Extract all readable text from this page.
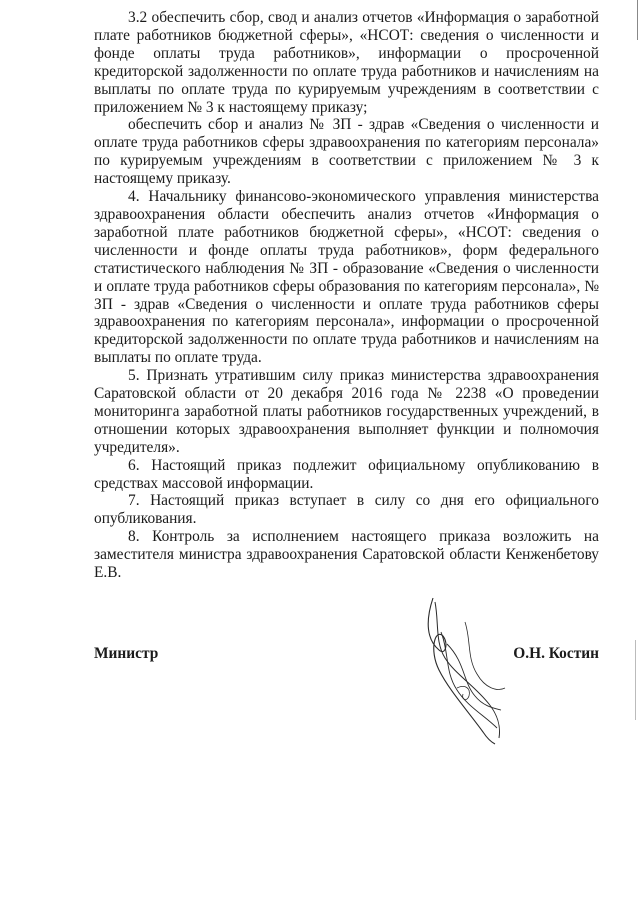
3.2 обеспечить сбор, свод и анализ отчетов «Информация о заработной плате работников бюджетной сферы», «НСОТ: сведения о численности и фонде оплаты труда работников», информации о просроченной кредиторской задолженности по оплате труда работников и начислениям на выплаты по оплате труда по курируемым учреждениям в соответствии с приложением № 3 к настоящему приказу;

обеспечить сбор и анализ № ЗП - здрав «Сведения о численности и оплате труда работников сферы здравоохранения по категориям персонала» по курируемым учреждениям в соответствии с приложением № 3 к настоящему приказу.

4. Начальнику финансово-экономического управления министерства здравоохранения области обеспечить анализ отчетов «Информация о заработной плате работников бюджетной сферы», «НСОТ: сведения о численности и фонде оплаты труда работников», форм федерального статистического наблюдения № ЗП - образование «Сведения о численности и оплате труда работников сферы образования по категориям персонала», № ЗП - здрав «Сведения о численности и оплате труда работников сферы здравоохранения по категориям персонала», информации о просроченной кредиторской задолженности по оплате труда работников и начислениям на выплаты по оплате труда.

5. Признать утратившим силу приказ министерства здравоохранения Саратовской области от 20 декабря 2016 года № 2238 «О проведении мониторинга заработной платы работников государственных учреждений, в отношении которых здравоохранения выполняет функции и полномочия учредителя».

6. Настоящий приказ подлежит официальному опубликованию в средствах массовой информации.

7. Настоящий приказ вступает в силу со дня его официального опубликования.

8. Контроль за исполнением настоящего приказа возложить на заместителя министра здравоохранения Саратовской области Кенженбетову Е.В.

Министр	О.Н. Костин
